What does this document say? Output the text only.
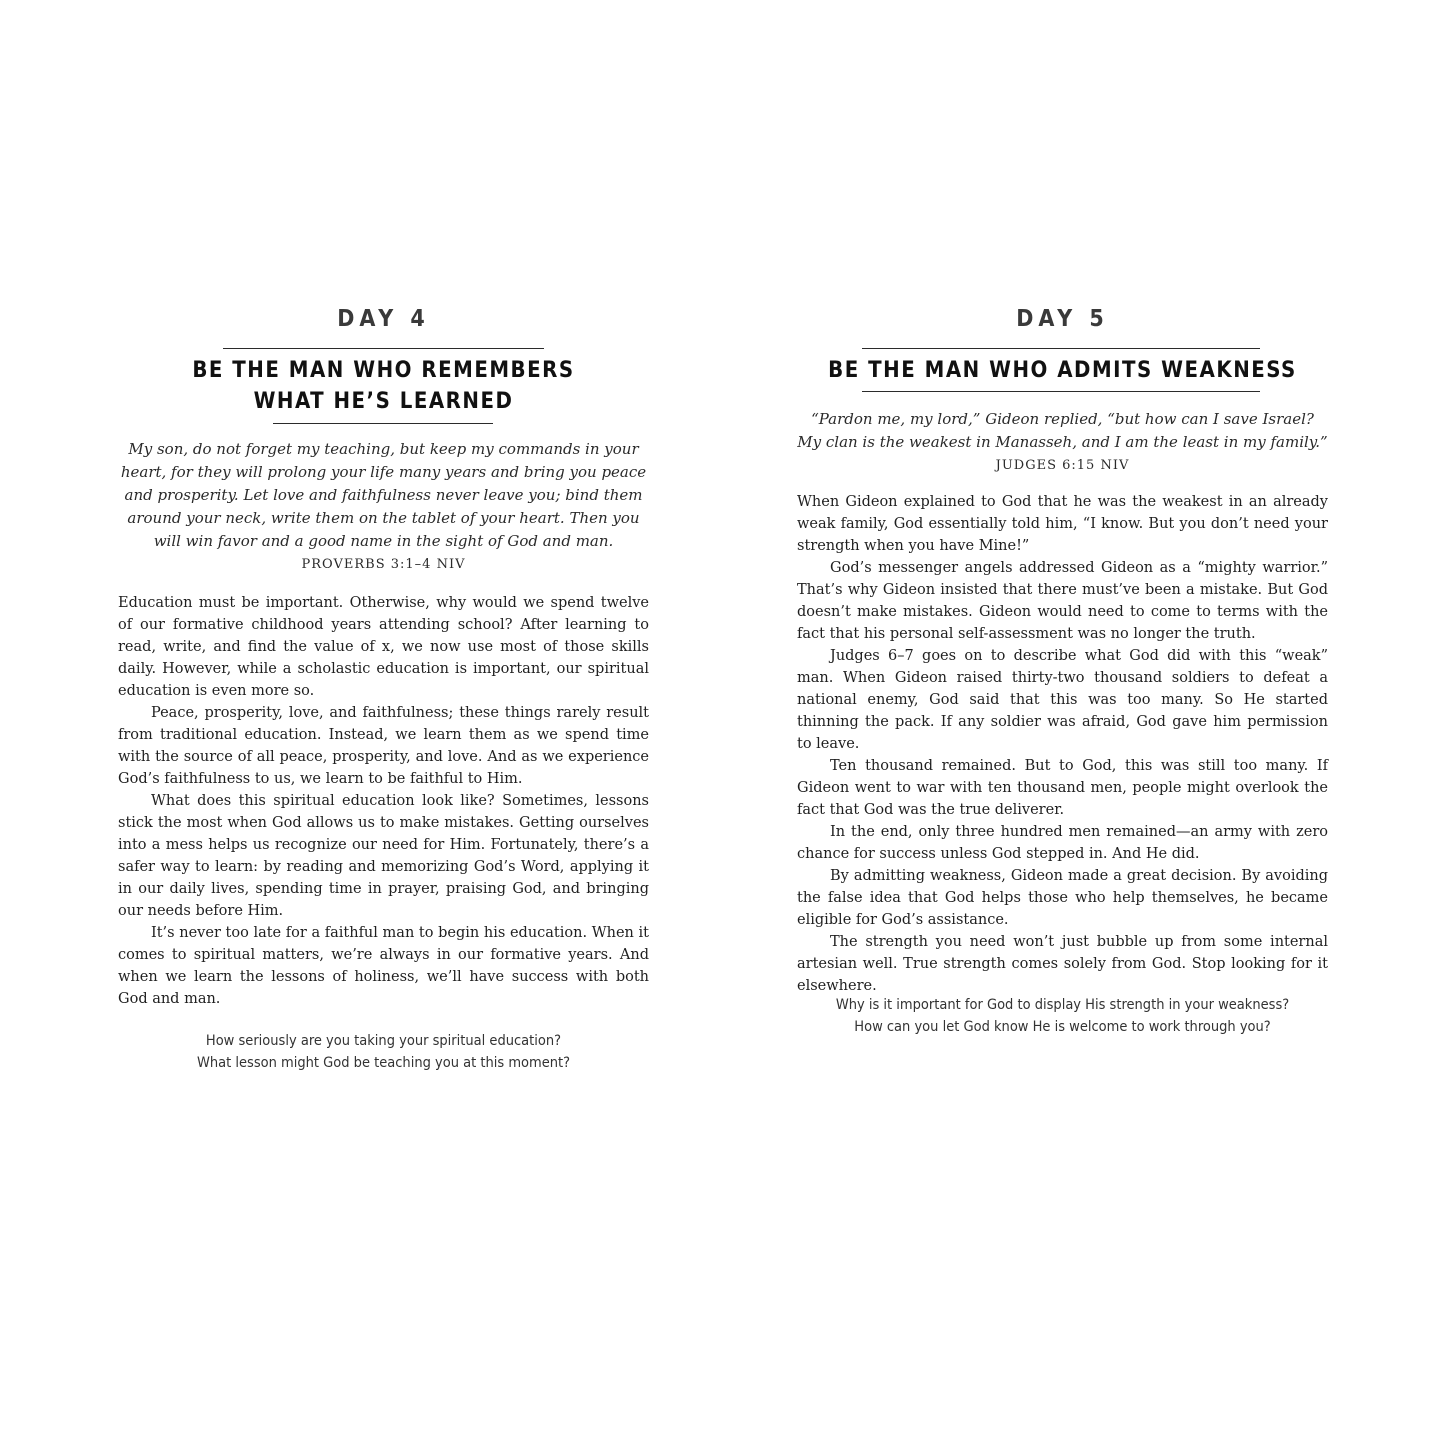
DAY 4
BE THE MAN WHO REMEMBERS
WHAT HE’S LEARNED
My son, do not forget my teaching, but keep my commands in your
heart, for they will prolong your life many years and bring you peace
and prosperity. Let love and faithfulness never leave you; bind them
around your neck, write them on the tablet of your heart. Then you
will win favor and a good name in the sight of God and man.
PROVERBS 3:1–4 NIV

Education must be important. Otherwise, why would we spend twelve of our formative childhood years attending school? After learning to read, write, and find the value of x, we now use most of those skills daily. However, while a scholastic education is important, our spiritual education is even more so.

Peace, prosperity, love, and faithfulness; these things rarely result from traditional education. Instead, we learn them as we spend time with the source of all peace, prosperity, and love. And as we experience God’s faithfulness to us, we learn to be faithful to Him.

What does this spiritual education look like? Sometimes, lessons stick the most when God allows us to make mistakes. Getting ourselves into a mess helps us recognize our need for Him. Fortunately, there’s a safer way to learn: by reading and memorizing God’s Word, applying it in our daily lives, spending time in prayer, praising God, and bringing our needs before Him.

It’s never too late for a faithful man to begin his education. When it comes to spiritual matters, we’re always in our formative years. And when we learn the lessons of holiness, we’ll have success with both God and man.

How seriously are you taking your spiritual education?
What lesson might God be teaching you at this moment?
DAY 5
BE THE MAN WHO ADMITS WEAKNESS
“Pardon me, my lord,” Gideon replied, “but how can I save Israel?
My clan is the weakest in Manasseh, and I am the least in my family.”
JUDGES 6:15 NIV

When Gideon explained to God that he was the weakest in an already weak family, God essentially told him, “I know. But you don’t need your strength when you have Mine!”

God’s messenger angels addressed Gideon as a “mighty warrior.” That’s why Gideon insisted that there must’ve been a mistake. But God doesn’t make mistakes. Gideon would need to come to terms with the fact that his personal self-assessment was no longer the truth.

Judges 6–7 goes on to describe what God did with this “weak” man. When Gideon raised thirty-two thousand soldiers to defeat a national enemy, God said that this was too many. So He started thinning the pack. If any soldier was afraid, God gave him permission to leave.

Ten thousand remained. But to God, this was still too many. If Gideon went to war with ten thousand men, people might overlook the fact that God was the true deliverer.

In the end, only three hundred men remained—an army with zero chance for success unless God stepped in. And He did.

By admitting weakness, Gideon made a great decision. By avoiding the false idea that God helps those who help themselves, he became eligible for God’s assistance.

The strength you need won’t just bubble up from some internal artesian well. True strength comes solely from God. Stop looking for it elsewhere.

Why is it important for God to display His strength in your weakness?
How can you let God know He is welcome to work through you?
